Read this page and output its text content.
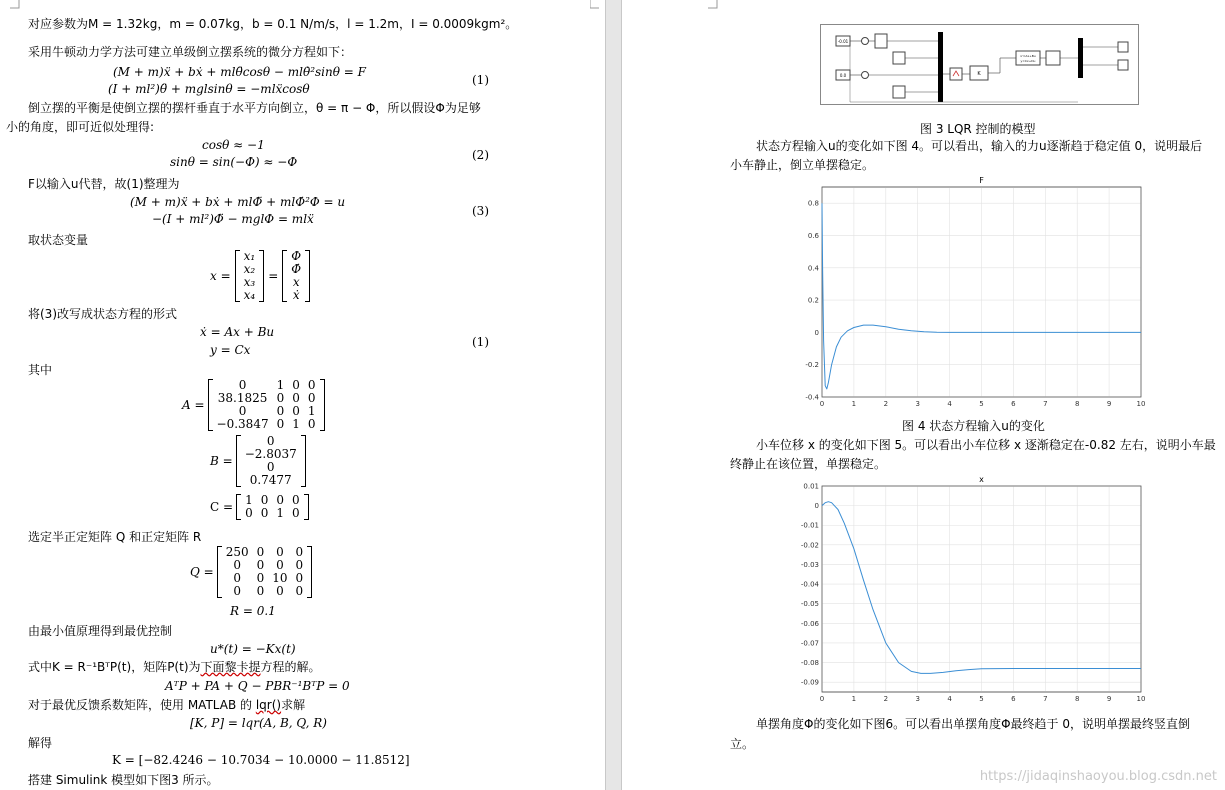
对应参数为M = 1.32kg，m = 0.07kg，b = 0.1 N/m/s，l = 1.2m，I = 0.0009kgm²。
采用牛顿动力学方法可建立单级倒立摆系统的微分方程如下：
(M + m)ẍ + bẋ + mlθ̈cosθ − mlθ̇²sinθ = F
(I + ml²)θ̈ + mglsinθ = −mlẍcosθ
(1)
倒立摆的平衡是使倒立摆的摆杆垂直于水平方向倒立，θ = π − Φ，所以假设Φ为足够
小的角度，即可近似处理得:
cosθ ≈ −1
sinθ = sin(−Φ) ≈ −Φ	(2)
F以输入u代替，故(1)整理为
(M + m)ẍ + bẋ + mlΦ̈ + mlΦ̇²Φ = u
−(I + ml²)Φ̈ − mglΦ = mlẍ
(3)
取状态变量
x =
x₁
x₂
x₃
x₄
=
Φ
Φ̇
x
ẋ
将(3)改写成状态方程的形式
ẋ = Ax + Bu
y = Cx
(1)
其中
A =
0	1	0	0
38.1825	0	0	0
0	0	0	1
−0.3847	0	1	0
B =
0
−2.8037
0
0.7477
C = 1	0	0	0
0	0	1	0
选定半正定矩阵 Q 和正定矩阵 R
Q =
250	0	0	0
0	0	0	0
0	0	10	0
0	0	0	0
R = 0.1
由最小值原理得到最优控制
u*(t) = −Kx(t)
式中K = R⁻¹BᵀP(t)，矩阵P(t)为下面黎卡提方程的解。
AᵀP + PA + Q − PBR⁻¹BᵀP = 0
对于最优反馈系数矩阵，使用 MATLAB 的 lqr()求解
[K, P] = lqr(A, B, Q, R)
解得
K = [−82.4246 − 10.7034 − 10.0000 − 11.8512]
搭建 Simulink 模型如下图3 所示。
-0.01
0.0	K
x'=Ax+Bu
y=Cx+Du
图 3 LQR 控制的模型
状态方程输入u的变化如下图 4。可以看出，输入的力u逐渐趋于稳定值 0，说明最后
小车静止，倒立单摆稳定。
F
0	1	2	3	4	5	6	7	8	9	10
0.8
0.6
0.4
0.2
0
-0.2
-0.4
图 4 状态方程输入u的变化
小车位移 x 的变化如下图 5。可以看出小车位移 x 逐渐稳定在-0.82 左右，说明小车最
终静止在该位置，单摆稳定。
x
0	1	2	3	4	5	6	7	8	9	10
0.01
0
-0.01
-0.02
-0.03
-0.04
-0.05
-0.06
-0.07
-0.08
-0.09
单摆角度Φ的变化如下图6。可以看出单摆角度Φ最终趋于 0，说明单摆最终竖直倒
立。
https://jidaqinshaoyou.blog.csdn.net
